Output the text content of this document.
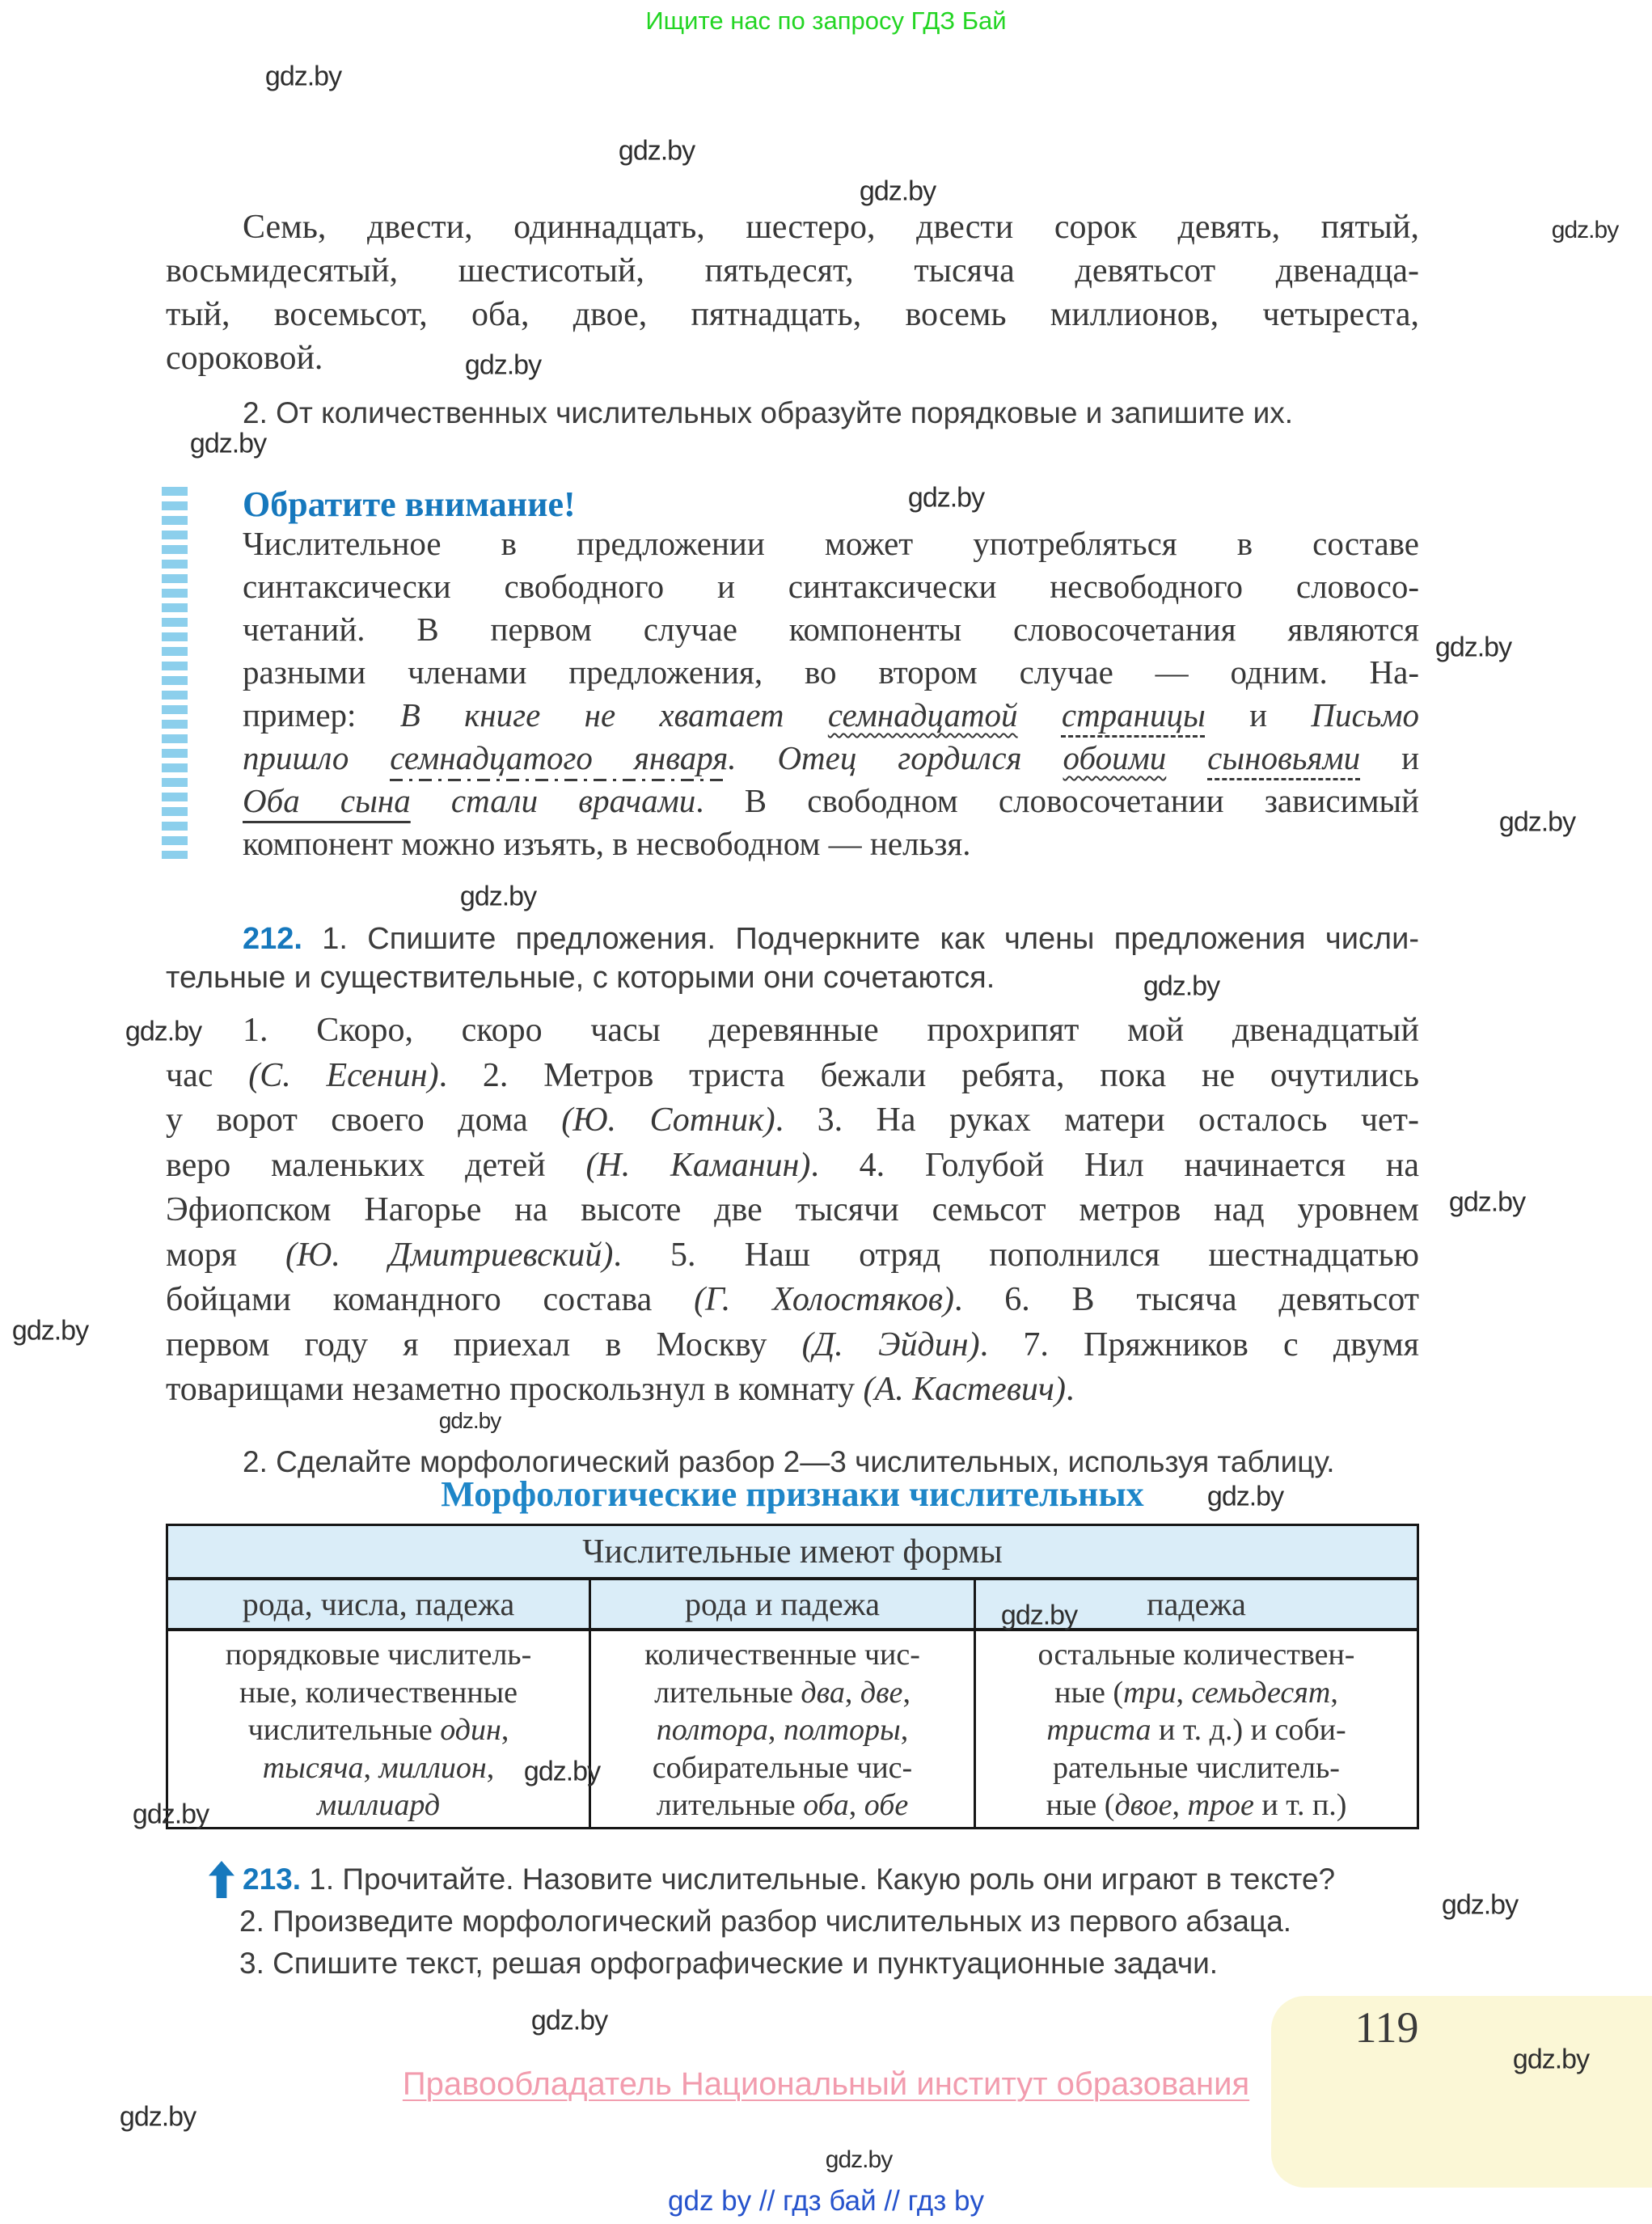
Ищите нас по запросу ГДЗ Бай
Семь, двести, одиннадцать, шестеро, двести сорок девять, пятый,
восьмидесятый, шестисотый, пятьдесят, тысяча девятьсот двенадца-
тый, восемьсот, оба, двое, пятнадцать, восемь миллионов, четыреста,
сороковой.
2. От количественных числительных образуйте порядковые и запишите их.
Обратите внимание!
Числительное в предложении может употребляться в составе
синтаксически свободного и синтаксически несвободного словосо-
четаний. В первом случае компоненты словосочетания являются
разными членами предложения, во втором случае — одним. На-
пример: В книге не хватает семнадцатой страницы и Письмо
пришло семнадцатого января. Отец гордился обоими сыновьями и
Оба сына стали врачами. В свободном словосочетании зависимый
компонент можно изъять, в несвободном — нельзя.
212. 1. Спишите предложения. Подчеркните как члены предложения числи-
тельные и существительные, с которыми они сочетаются.
1. Скоро, скоро часы деревянные прохрипят мой двенадцатый
час (С. Есенин). 2. Метров триста бежали ребята, пока не очутились
у ворот своего дома (Ю. Сотник). 3. На руках матери осталось чет-
веро маленьких детей (Н. Каманин). 4. Голубой Нил начинается на
Эфиопском Нагорье на высоте две тысячи семьсот метров над уровнем
моря (Ю. Дмитриевский). 5. Наш отряд пополнился шестнадцатью
бойцами командного состава (Г. Холостяков). 6. В тысяча девятьсот
первом году я приехал в Москву (Д. Эйдин). 7. Пряжников с двумя
товарищами незаметно проскользнул в комнату (А. Кастевич).
2. Сделайте морфологический разбор 2—3 числительных, используя таблицу.
Морфологические признаки числительных
Числительные имеют формы
рода, числа, падежа	рода и падежа	падежа
порядковые числитель-
ные, количественные
числительные один,
тысяча, миллион,
миллиард
количественные чис-
лительные два, две,
полтора, полторы,
собирательные чис-
лительные оба, обе
остальные количествен-
ные (три, семьдесят,
триста и т. д.) и соби-
рательные числитель-
ные (двое, трое и т. п.)
213. 1. Прочитайте. Назовите числительные. Какую роль они играют в тексте?
2. Произведите морфологический разбор числительных из первого абзаца.
3. Спишите текст, решая орфографические и пунктуационные задачи.
119
Правообладатель Национальный институт образования
gdz by // гдз бай // гдз by
gdz.by
gdz.by
gdz.by
gdz.by
gdz.by
gdz.by
gdz.by
gdz.by
gdz.by
gdz.by
gdz.by
gdz.by
gdz.by
gdz.by
gdz.by
gdz.by
gdz.by
gdz.by
gdz.by
gdz.by
gdz.by
gdz.by
gdz.by
gdz.by
